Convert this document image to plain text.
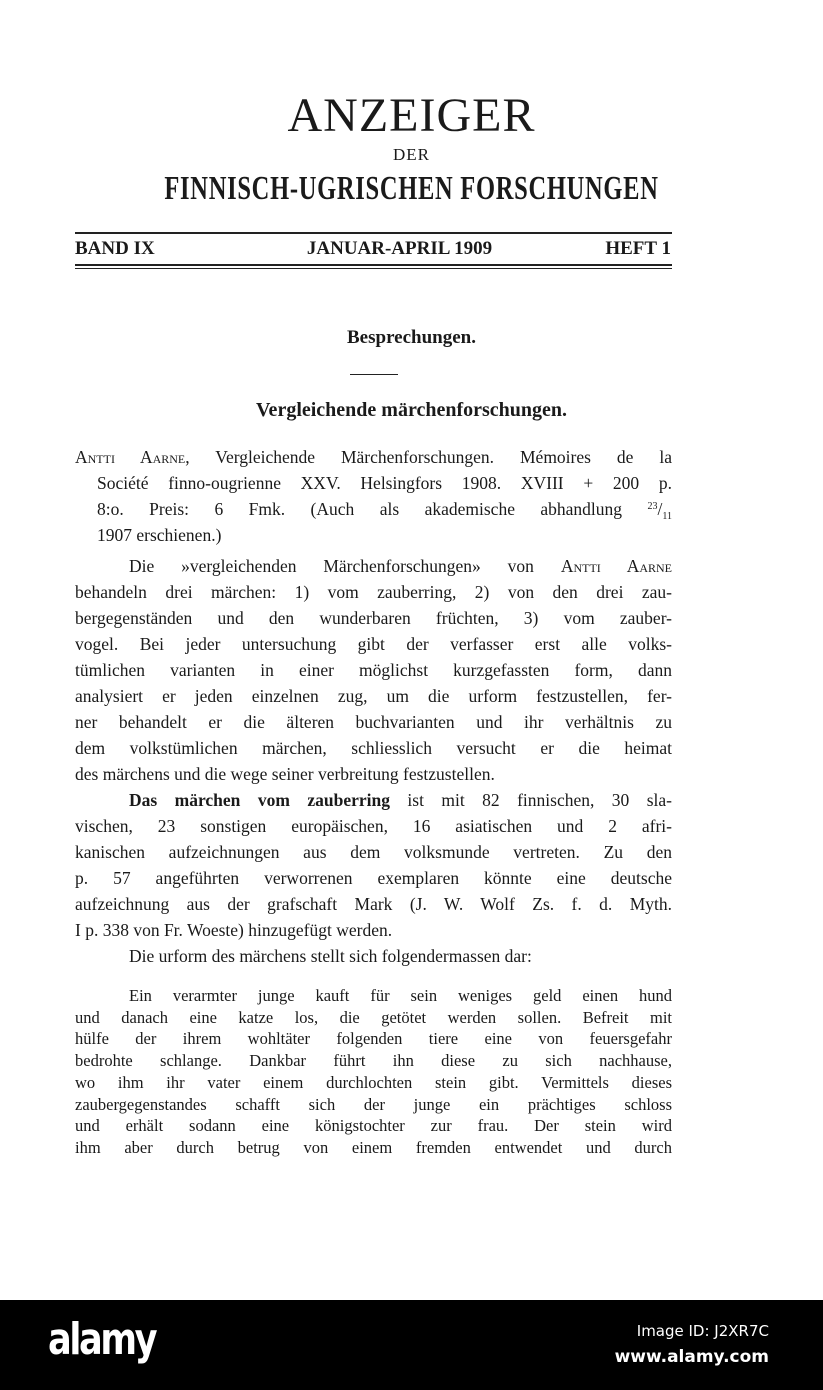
ANZEIGER
DER
FINNISCH-UGRISCHEN FORSCHUNGEN
BAND IX	JANUAR-APRIL 1909	HEFT 1
Besprechungen.
Vergleichende märchenforschungen.
Antti Aarne, Vergleichende Märchenforschungen. Mémoires de la
Société finno-ougrienne XXV. Helsingfors 1908. XVIII + 200 p.
8:o. Preis: 6 Fmk. (Auch als akademische abhandlung $^{23}/_{11}$
1907 erschienen.)
Die »vergleichenden Märchenforschungen» von Antti Aarne
behandeln drei märchen: 1) vom zauberring, 2) von den drei zau-
bergegenständen und den wunderbaren früchten, 3) vom zauber-
vogel. Bei jeder untersuchung gibt der verfasser erst alle volks-
tümlichen varianten in einer möglichst kurzgefassten form, dann
analysiert er jeden einzelnen zug, um die urform festzustellen, fer-
ner behandelt er die älteren buchvarianten und ihr verhältnis zu
dem volkstümlichen märchen, schliesslich versucht er die heimat
des märchens und die wege seiner verbreitung festzustellen.
Das märchen vom zauberring ist mit 82 finnischen, 30 sla-
vischen, 23 sonstigen europäischen, 16 asiatischen und 2 afri-
kanischen aufzeichnungen aus dem volksmunde vertreten. Zu den
p. 57 angeführten verworrenen exemplaren könnte eine deutsche
aufzeichnung aus der grafschaft Mark (J. W. Wolf Zs. f. d. Myth.
I p. 338 von Fr. Woeste) hinzugefügt werden.
Die urform des märchens stellt sich folgendermassen dar:
Ein verarmter junge kauft für sein weniges geld einen hund
und danach eine katze los, die getötet werden sollen. Befreit mit
hülfe der ihrem wohltäter folgenden tiere eine von feuersgefahr
bedrohte schlange. Dankbar führt ihn diese zu sich nachhause,
wo ihm ihr vater einem durchlochten stein gibt. Vermittels dieses
zaubergegenstandes schafft sich der junge ein prächtiges schloss
und erhält sodann eine königstochter zur frau. Der stein wird
ihm aber durch betrug von einem fremden entwendet und durch
alamy	Image ID: J2XR7C
www.alamy.com
